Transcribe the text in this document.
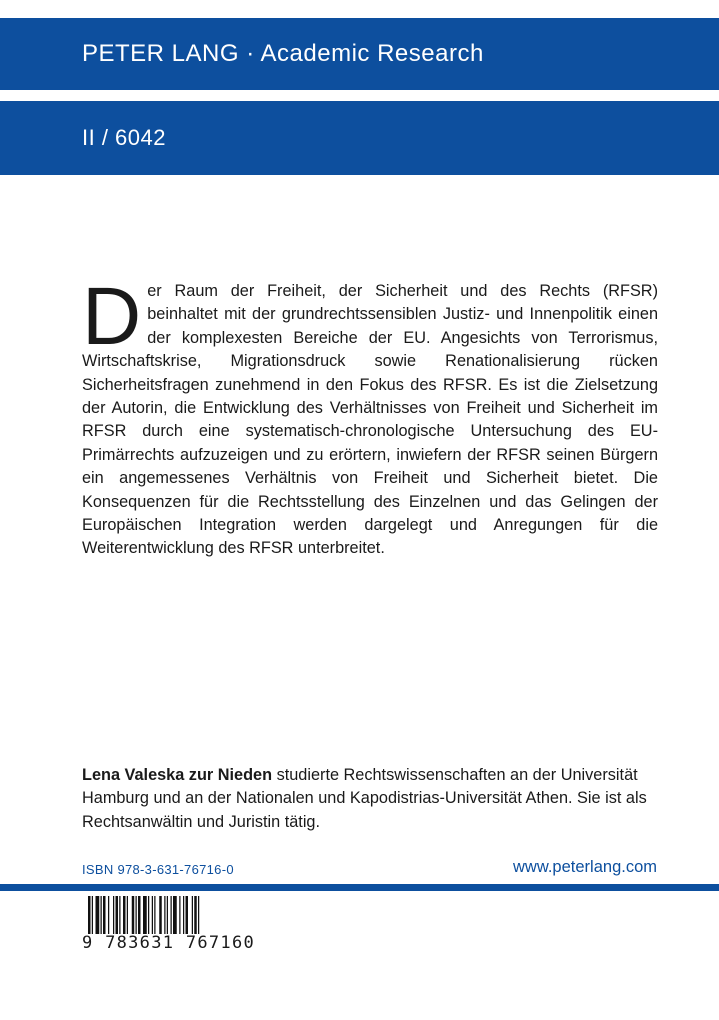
PETER LANG · Academic Research
II / 6042
D er Raum der Freiheit, der Sicherheit und des Rechts (RFSR) beinhaltet mit der grundrechtssensiblen Justiz- und Innenpolitik einen der komplexesten Bereiche der EU. Angesichts von Terrorismus, Wirtschaftskrise, Migrationsdruck sowie Renationalisierung rücken Sicherheitsfragen zunehmend in den Fokus des RFSR. Es ist die Zielsetzung der Autorin, die Entwicklung des Verhältnisses von Freiheit und Sicherheit im RFSR durch eine systematisch-chronologische Untersuchung des EU-Primärrechts aufzuzeigen und zu erörtern, inwiefern der RFSR seinen Bürgern ein angemessenes Verhältnis von Freiheit und Sicherheit bietet. Die Konsequenzen für die Rechtsstellung des Einzelnen und das Gelingen der Europäischen Integration werden dargelegt und Anregungen für die Weiterentwicklung des RFSR unterbreitet.
Lena Valeska zur Nieden studierte Rechtswissenschaften an der Universität Hamburg und an der Nationalen und Kapodistrias-Universität Athen. Sie ist als Rechtsanwältin und Juristin tätig.
ISBN 978-3-631-76716-0	www.peterlang.com
9 783631 767160
